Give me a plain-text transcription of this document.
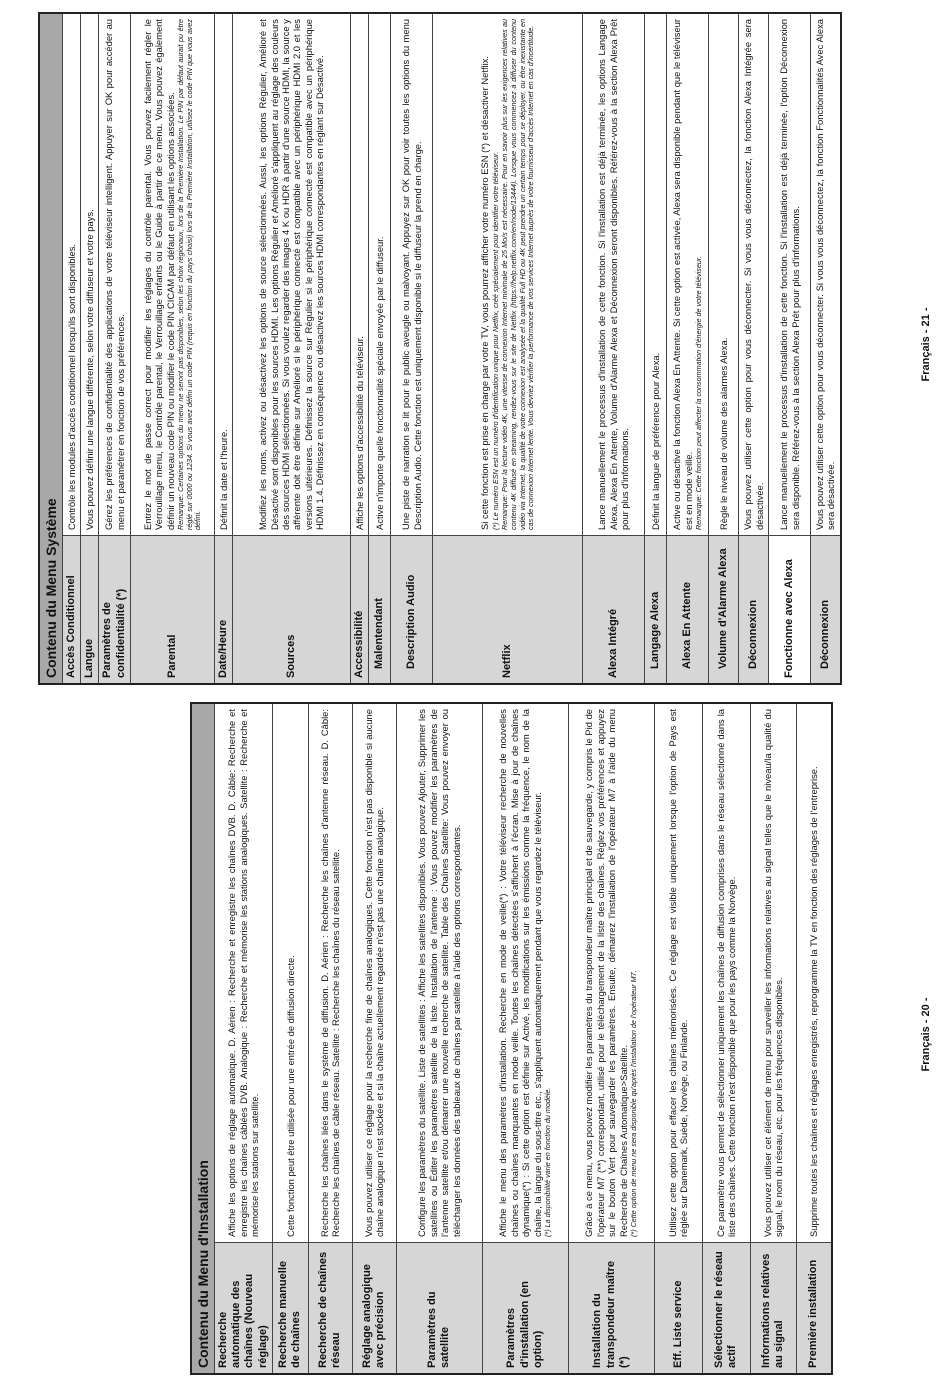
Contenu du Menu d'Installation	
Recherche automatique des chaînes (Nouveau réglage)	Affiche les options de réglage automatique. D. Aérien : Recherche et enregistre les chaînes DVB. D. Câble: Recherche et enregistre les chaînes câblées DVB. Analogique : Recherche et mémorise les stations analogiques. Satellite : Recherche et mémorise les stations sur satellite.
Recherche manuelle de chaînes	Cette fonction peut être utilisée pour une entrée de diffusion directe.
Recherche de chaînes réseau	Recherche les chaînes liées dans le système de diffusion. D. Aérien : Recherche les chaînes d'antenne réseau. D. Câble: Recherche les chaînes de câble réseau. Satellite : Recherche les chaînes du réseau satellite.
Réglage analogique avec précision	Vous pouvez utiliser ce réglage pour la recherche fine de chaînes analogiques. Cette fonction n'est pas disponible si aucune chaîne analogique n'est stockée et si la chaîne actuellement regardée n'est pas une chaîne analogique.
Paramètres du satellite	Configure les paramètres du satellite. Liste de satellites : Affiche les satellites disponibles. Vous pouvez Ajouter, Supprimer les satellites ou Éditer les paramètres satellite de la liste. Installation de l'antenne : Vous pouvez modifier les paramètres de l'antenne satellite et/ou démarrer une nouvelle recherche de satellite. Table des Chaînes Satellite: Vous pouvez envoyer ou télécharger les données des tableaux de chaînes par satellite à l'aide des options correspondantes.
Paramètres d'installation (en option)	Affiche le menu des paramètres d'installation. Recherche en mode de veille(*) : Votre téléviseur recherche de nouvelles chaînes ou chaînes manquantes en mode veille. Toutes les chaînes détectées s'affichent à l'écran. Mise à jour de chaînes dynamique(*) : Si cette option est définie sur Activé, les modifications sur les émissions comme la fréquence, le nom de la chaîne, la langue du sous-titre etc., s'appliquent automatiquement pendant que vous regardez le téléviseur. (*) La disponibilité varie en fonction du modèle.

Installation du transpondeur maître (*)	Grâce à ce menu, vous pouvez modifier les paramètres du transpondeur maître principal et de sauvegarde, y compris le Pid de l'opérateur M7 (**) correspondant, utilisé pour le téléchargement de la liste des chaînes. Réglez vos préférences et appuyez sur le bouton Vert pour sauvegarder les paramètres. Ensuite, démarrez l'installation de l'opérateur M7 à l'aide du menu Recherche de Chaînes Automatique>Satellite. (*) Cette option de menu ne sera disponible qu'après l'installation de l'opérateur M7.

Eff. Liste service	Utilisez cette option pour effacer les chaînes mémorisées. Ce réglage est visible uniquement lorsque l'option de Pays est réglée sur Danemark, Suède, Norvège, ou Finlande.
Sélectionner le réseau actif	Ce paramètre vous permet de sélectionner uniquement les chaînes de diffusion comprises dans le réseau sélectionné dans la liste des chaînes. Cette fonction n'est disponible que pour les pays comme la Norvège.
Informations relatives au signal	Vous pouvez utiliser cet élément de menu pour surveiller les informations relatives au signal telles que le niveau/la qualité du signal, le nom du réseau, etc. pour les fréquences disponibles.
Première installation	Supprime toutes les chaînes et réglages enregistrés, reprogramme la TV en fonction des réglages de l'entreprise.	Français - 20 -
Contenu du Menu Système	
Accès Conditionnel	Contrôle les modules d'accès conditionnel lorsqu'ils sont disponibles.
Langue	Vous pouvez définir une langue différente, selon votre diffuseur et votre pays.
Paramètres de confidentialité (*)	Gérez les préférences de confidentialité des applications de votre téléviseur intelligent. Appuyer sur OK pour accéder au menu et paramétrer en fonction de vos préférences.
Parental	Entrez le mot de passe correct pour modifier les réglages du contrôle parental. Vous pouvez facilement régler le Verrouillage menu, le Contrôle parental, le Verrouillage enfants ou le Guide à partir de ce menu. Vous pouvez également définir un nouveau code PIN ou modifier le code PIN CICAM par défaut en utilisant les options associées. Remarque: Certaines options du menu ne seront pas disponibles, selon les choix régionaux, lors de la Première Installation. Le PIN par défaut aurait pu être réglé sur 0000 ou 1234. Si vous avez défini un code PIN (requis en fonction du pays choisi) lors de la Première Installation, utilisez le code PIN que vous avez défini.

Date/Heure	Définit la date et l'heure.
Sources	Modifiez les noms, activez ou désactivez les options de source sélectionnées. Aussi, les options Régulier, Amélioré et Désactivé sont disponibles pour les sources HDMI. Les options Régulier et Amélioré s'appliquent au réglage des couleurs des sources HDMI sélectionnées. Si vous voulez regarder des images 4 K ou HDR à partir d'une source HDMI, la source y afférente doit être définie sur Amélioré si le périphérique connecté est compatible avec un périphérique HDMI 2.0 et les versions ultérieures. Définissez la source sur Régulier si le périphérique connecté est compatible avec un périphérique HDMI 1.4. Définissez en conséquence ou désactivez les sources HDMI correspondantes en réglant sur Désactivé.
Accessibilité	Affiche les options d'accessibilité du téléviseur.
Malentendant	Active n'importe quelle fonctionnalité spéciale envoyée par le diffuseur.
Description Audio	Une piste de narration se lit pour le public aveugle ou malvoyant. Appuyez sur OK pour voir toutes les options du menu Description Audio. Cette fonction est uniquement disponible si le diffuseur la prend en charge.
Netflix	Si cette fonction est prise en charge par votre TV, vous pourrez afficher votre numéro ESN (*) et désactiver Netflix. (*) Le numéro ESN est un numéro d'identification unique pour Netflix, créé spécialement pour identifier votre téléviseur. Remarque: Pour la lecture vidéo 4K, une vitesse de connexion Internet minimale de 25 Mo/s est nécessaire. Pour en savoir plus sur les exigences relatives au contenu 4K diffusé en streaming, rendez-vous sur le site de Netflix (https://help.netflix.com/en/node/13444). Lorsque vous commencez à diffuser du contenu vidéo via Internet, la qualité de votre connexion est analysée et la qualité Full HD ou 4K peut prendre un certain temps pour se déployer, ou être inexistante en cas de connexion Internet lente. Vous devriez vérifier la performance de vos services Internet auprès de votre fournisseur d'accès Internet en cas d'incertitude.

Alexa Intégré	Lance manuellement le processus d'installation de cette fonction. Si l'installation est déjà terminée, les options Langage Alexa, Alexa En Attente, Volume d'Alarme Alexa et Déconnexion seront disponibles. Référez-vous à la section Alexa Prêt pour plus d'informations.
Langage Alexa	Définit la langue de préférence pour Alexa.
Alexa En Attente	Active ou désactive la fonction Alexa En Attente. Si cette option est activée, Alexa sera disponible pendant que le téléviseur est en mode veille. Remarque: Cette fonction peut affecter la consommation d'énergie de votre téléviseur.

Volume d'Alarme Alexa	Règle le niveau de volume des alarmes Alexa.
Déconnexion	Vous pouvez utiliser cette option pour vous déconnecter. Si vous vous déconnectez, la fonction Alexa Intégrée sera désactivée.
Fonctionne avec Alexa	Lance manuellement le processus d'installation de cette fonction. Si l'installation est déjà terminée, l'option Déconnexion sera disponible. Référez-vous à la section Alexa Prêt pour plus d'informations.
Déconnexion	Vous pouvez utiliser cette option pour vous déconnecter. Si vous vous déconnectez, la fonction Fonctionnalités Avec Alexa sera désactivée.
Français - 21 -
